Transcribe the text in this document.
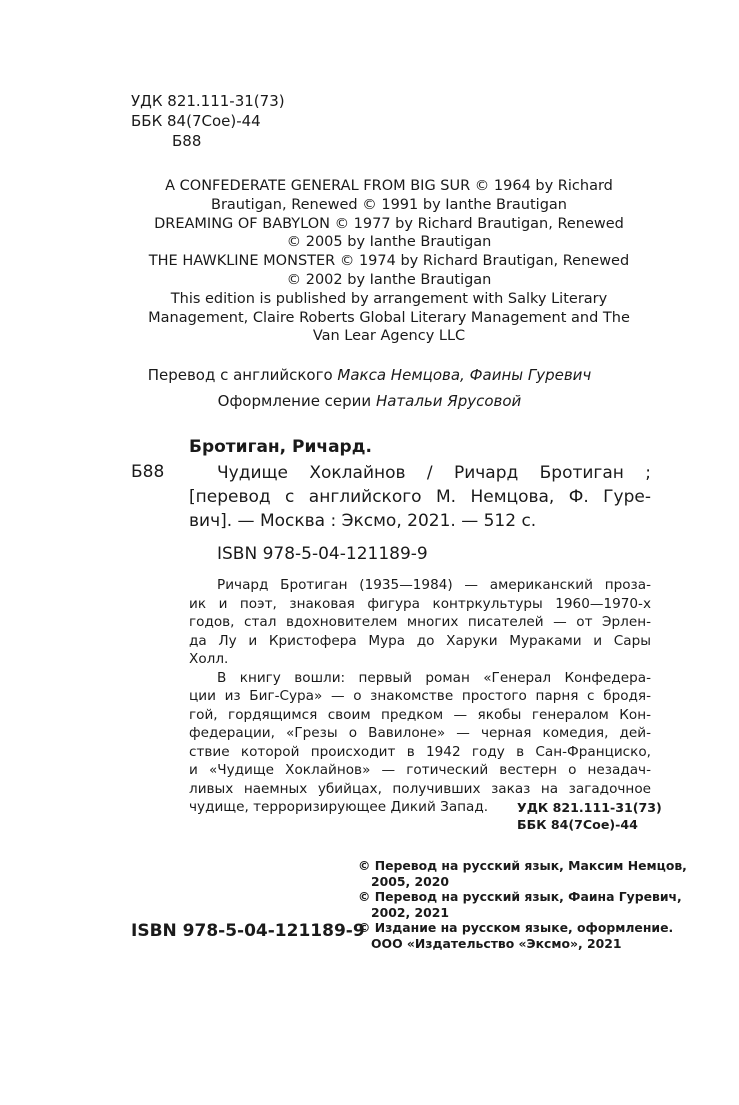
УДК 821.111-31(73)
ББК 84(7Сое)-44
Б88
A CONFEDERATE GENERAL FROM BIG SUR © 1964 by Richard
Brautigan, Renewed © 1991 by Ianthe Brautigan
DREAMING OF BABYLON © 1977 by Richard Brautigan, Renewed
© 2005 by Ianthe Brautigan
THE HAWKLINE MONSTER © 1974 by Richard Brautigan, Renewed
© 2002 by Ianthe Brautigan
This edition is published by arrangement with Salky Literary
Management, Claire Roberts Global Literary Management and The
Van Lear Agency LLC
Перевод с английского Макса Немцова, Фаины Гуревич
Оформление серии Натальи Ярусовой
Бротиган, Ричард.
Б88	Чудище Хоклайнов / Ричард Бротиган ;
[перевод с английского М. Немцова, Ф. Гуре-
вич]. — Москва : Эксмо, 2021. — 512 с.
ISBN 978-5-04-121189-9
Ричард Бротиган (1935—1984) — американский проза-
ик и поэт, знаковая фигура контркультуры 1960—1970-х
годов, стал вдохновителем многих писателей — от Эрлен-
да Лу и Кристофера Мура до Харуки Мураками и Сары
Холл.
В книгу вошли: первый роман «Генерал Конфедера-
ции из Биг-Сура» — о знакомстве простого парня с бродя-
гой, гордящимся своим предком — якобы генералом Кон-
федерации, «Грезы о Вавилоне» — черная комедия, дей-
ствие которой происходит в 1942 году в Сан-Франциско,
и «Чудище Хоклайнов» — готический вестерн о незадач-
ливых наемных убийцах, получивших заказ на загадочное
чудище, терроризирующее Дикий Запад.	УДК 821.111-31(73)
ББК 84(7Сое)-44
ISBN 978-5-04-121189-9
© Перевод на русский язык, Максим Немцов,
2005, 2020
© Перевод на русский язык, Фаина Гуревич,
2002, 2021
© Издание на русском языке, оформление.
ООО «Издательство «Эксмо», 2021
